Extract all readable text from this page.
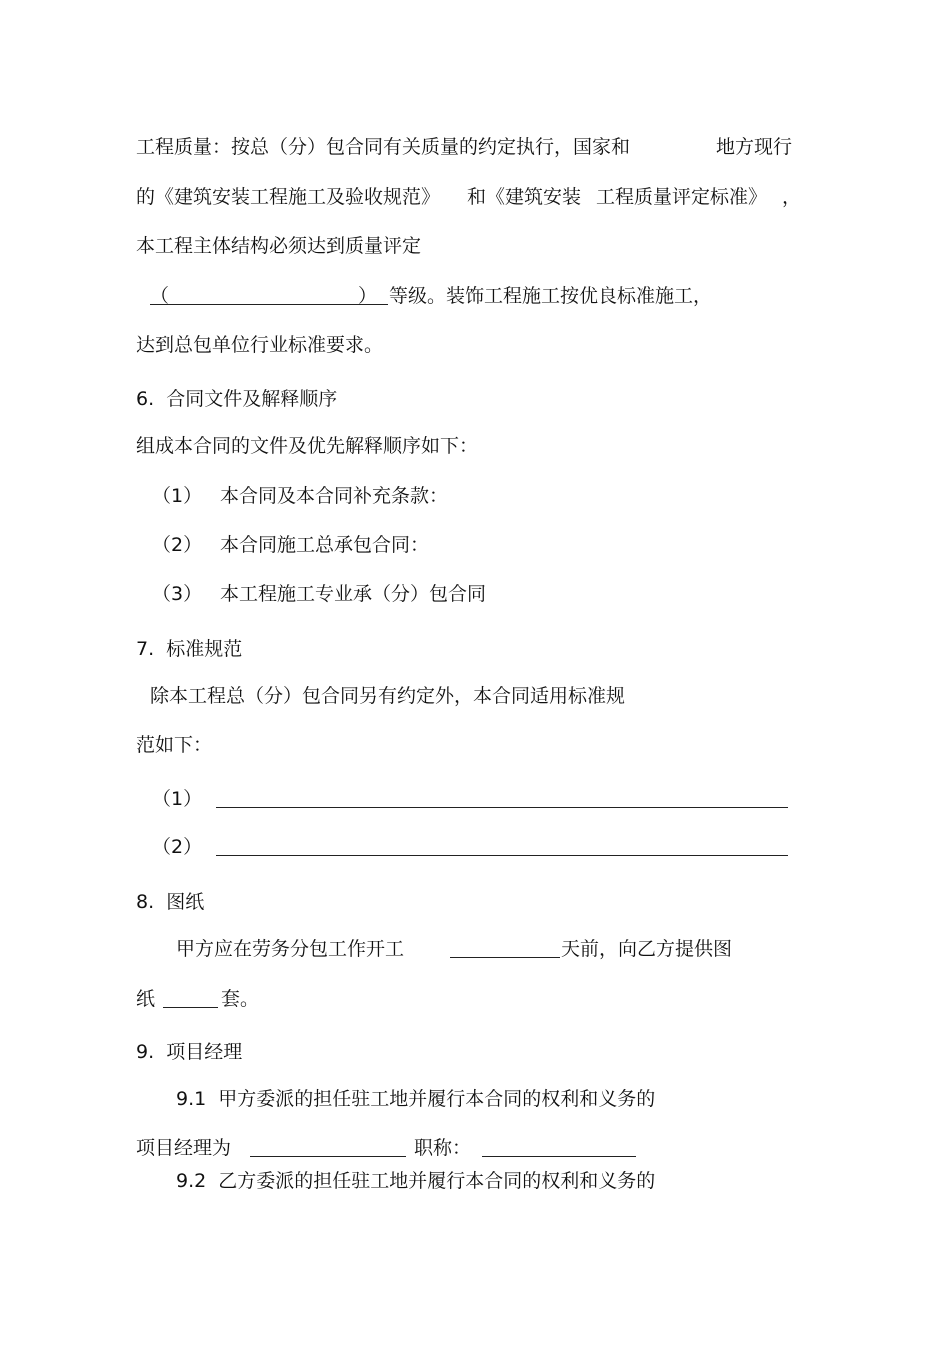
工程质量：按总（分）包合同有关质量的约定执行，国家和	地方现行
的《建筑安装工程施工及验收规范》 和《建筑安装 工程质量评定标准》 ，
本工程主体结构必须达到质量评定
（	） 等级。装饰工程施工按优良标准施工，
达到总包单位行业标准要求。
6.  合同文件及解释顺序
组成本合同的文件及优先解释顺序如下：
（1） 本合同及本合同补充条款：
（2） 本合同施工总承包合同：
（3） 本工程施工专业承（分）包合同
7.  标准规范
除本工程总（分）包合同另有约定外，本合同适用标准规
范如下：
（1）
（2）
8.  图纸
甲方应在劳务分包工作开工	天前，向乙方提供图
纸	套。
9.  项目经理
9.1  甲方委派的担任驻工地并履行本合同的权利和义务的
项目经理为	职称：
9.2  乙方委派的担任驻工地并履行本合同的权利和义务的
